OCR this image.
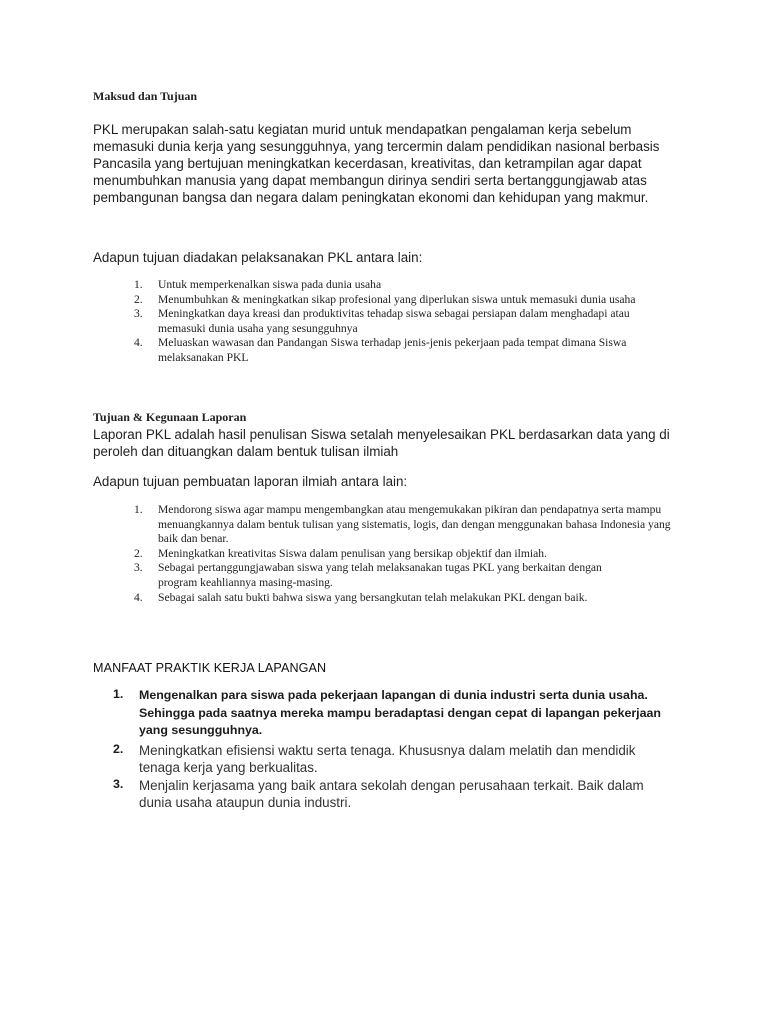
Maksud dan Tujuan
PKL merupakan salah-satu kegiatan murid untuk mendapatkan pengalaman kerja sebelum memasuki dunia kerja yang sesungguhnya, yang tercermin dalam pendidikan nasional berbasis Pancasila yang bertujuan meningkatkan kecerdasan, kreativitas, dan ketrampilan agar dapat menumbuhkan manusia yang dapat membangun dirinya sendiri serta bertanggungjawab atas pembangunan bangsa dan negara dalam peningkatan ekonomi dan kehidupan yang makmur.
Adapun tujuan diadakan pelaksanakan PKL antara lain:
1. Untuk memperkenalkan siswa pada dunia usaha
2. Menumbuhkan & meningkatkan sikap profesional yang diperlukan siswa untuk memasuki dunia usaha
3. Meningkatkan daya kreasi dan produktivitas tehadap siswa sebagai persiapan dalam menghadapi atau memasuki dunia usaha yang sesungguhnya
4. Meluaskan wawasan dan Pandangan Siswa terhadap jenis-jenis pekerjaan pada tempat dimana Siswa melaksanakan PKL
Tujuan & Kegunaan Laporan
Laporan PKL adalah hasil penulisan Siswa setalah menyelesaikan PKL berdasarkan data yang di peroleh dan dituangkan dalam bentuk tulisan ilmiah
Adapun tujuan pembuatan laporan ilmiah antara lain:
1. Mendorong siswa agar mampu mengembangkan atau mengemukakan pikiran dan pendapatnya serta mampu menuangkannya dalam bentuk tulisan yang sistematis, logis, dan dengan menggunakan bahasa Indonesia yang baik dan benar.
2. Meningkatkan kreativitas Siswa dalam penulisan yang bersikap objektif dan ilmiah.
3. Sebagai pertanggungjawaban siswa yang telah melaksanakan tugas PKL yang berkaitan dengan program keahliannya masing-masing.
4. Sebagai salah satu bukti bahwa siswa yang bersangkutan telah melakukan PKL dengan baik.
MANFAAT PRAKTIK KERJA LAPANGAN
1. Mengenalkan para siswa pada pekerjaan lapangan di dunia industri serta dunia usaha. Sehingga pada saatnya mereka mampu beradaptasi dengan cepat di lapangan pekerjaan yang sesungguhnya.
2. Meningkatkan efisiensi waktu serta tenaga. Khususnya dalam melatih dan mendidik tenaga kerja yang berkualitas.
3. Menjalin kerjasama yang baik antara sekolah dengan perusahaan terkait. Baik dalam dunia usaha ataupun dunia industri.
